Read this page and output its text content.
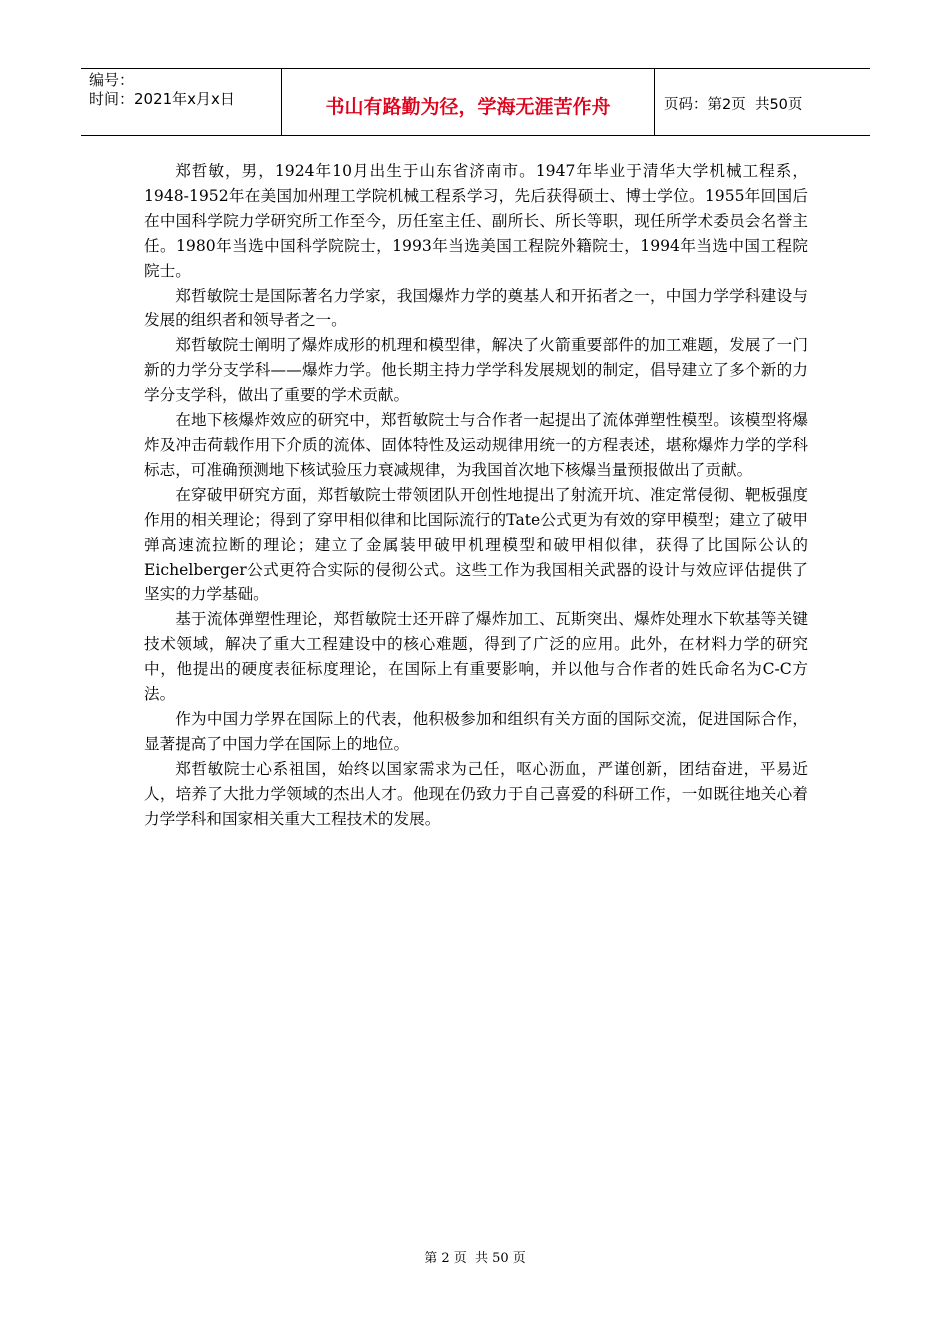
编号：
时间：2021年x月x日	书山有路勤为径，学海无涯苦作舟	页码：第2页  共50页

郑哲敏，男，1924年10月出生于山东省济南市。1947年毕业于清华大学机械工程系，1948-1952年在美国加州理工学院机械工程系学习，先后获得硕士、博士学位。1955年回国后在中国科学院力学研究所工作至今，历任室主任、副所长、所长等职，现任所学术委员会名誉主任。1980年当选中国科学院院士，1993年当选美国工程院外籍院士，1994年当选中国工程院院士。

郑哲敏院士是国际著名力学家，我国爆炸力学的奠基人和开拓者之一，中国力学学科建设与发展的组织者和领导者之一。

郑哲敏院士阐明了爆炸成形的机理和模型律，解决了火箭重要部件的加工难题，发展了一门新的力学分支学科——爆炸力学。他长期主持力学学科发展规划的制定，倡导建立了多个新的力学分支学科，做出了重要的学术贡献。

在地下核爆炸效应的研究中，郑哲敏院士与合作者一起提出了流体弹塑性模型。该模型将爆炸及冲击荷载作用下介质的流体、固体特性及运动规律用统一的方程表述，堪称爆炸力学的学科标志，可准确预测地下核试验压力衰减规律，为我国首次地下核爆当量预报做出了贡献。

在穿破甲研究方面，郑哲敏院士带领团队开创性地提出了射流开坑、准定常侵彻、靶板强度作用的相关理论；得到了穿甲相似律和比国际流行的Tate公式更为有效的穿甲模型；建立了破甲弹高速流拉断的理论；建立了金属装甲破甲机理模型和破甲相似律，获得了比国际公认的Eichelberger公式更符合实际的侵彻公式。这些工作为我国相关武器的设计与效应评估提供了坚实的力学基础。

基于流体弹塑性理论，郑哲敏院士还开辟了爆炸加工、瓦斯突出、爆炸处理水下软基等关键技术领域，解决了重大工程建设中的核心难题，得到了广泛的应用。此外，在材料力学的研究中，他提出的硬度表征标度理论，在国际上有重要影响，并以他与合作者的姓氏命名为C-C方法。

作为中国力学界在国际上的代表，他积极参加和组织有关方面的国际交流，促进国际合作，显著提高了中国力学在国际上的地位。

郑哲敏院士心系祖国，始终以国家需求为己任，呕心沥血，严谨创新，团结奋进，平易近人，培养了大批力学领域的杰出人才。他现在仍致力于自己喜爱的科研工作，一如既往地关心着力学学科和国家相关重大工程技术的发展。

第 2 页  共 50 页
